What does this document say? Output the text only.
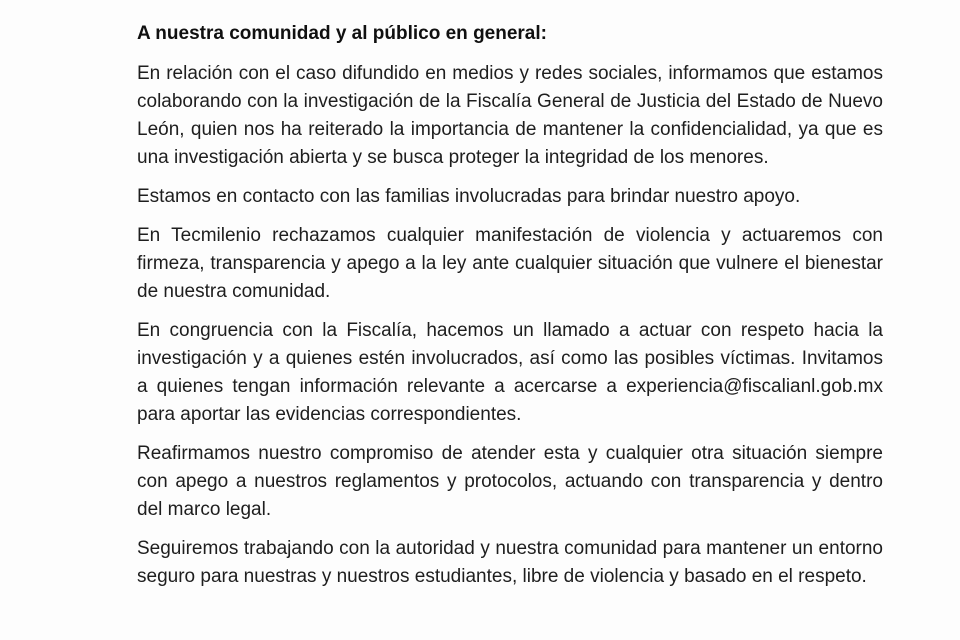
A nuestra comunidad y al público en general:

En relación con el caso difundido en medios y redes sociales, informamos que estamos colaborando con la investigación de la Fiscalía General de Justicia del Estado de Nuevo León, quien nos ha reiterado la importancia de mantener la confidencialidad, ya que es una investigación abierta y se busca proteger la integridad de los menores.

Estamos en contacto con las familias involucradas para brindar nuestro apoyo.

En Tecmilenio rechazamos cualquier manifestación de violencia y actuaremos con firmeza, transparencia y apego a la ley ante cualquier situación que vulnere el bienestar de nuestra comunidad.

En congruencia con la Fiscalía, hacemos un llamado a actuar con respeto hacia la investigación y a quienes estén involucrados, así como las posibles víctimas. Invitamos a quienes tengan información relevante a acercarse a experiencia@fiscalianl.gob.mx para aportar las evidencias correspondientes.

Reafirmamos nuestro compromiso de atender esta y cualquier otra situación siempre con apego a nuestros reglamentos y protocolos, actuando con transparencia y dentro del marco legal.

Seguiremos trabajando con la autoridad y nuestra comunidad para mantener un entorno seguro para nuestras y nuestros estudiantes, libre de violencia y basado en el respeto.
